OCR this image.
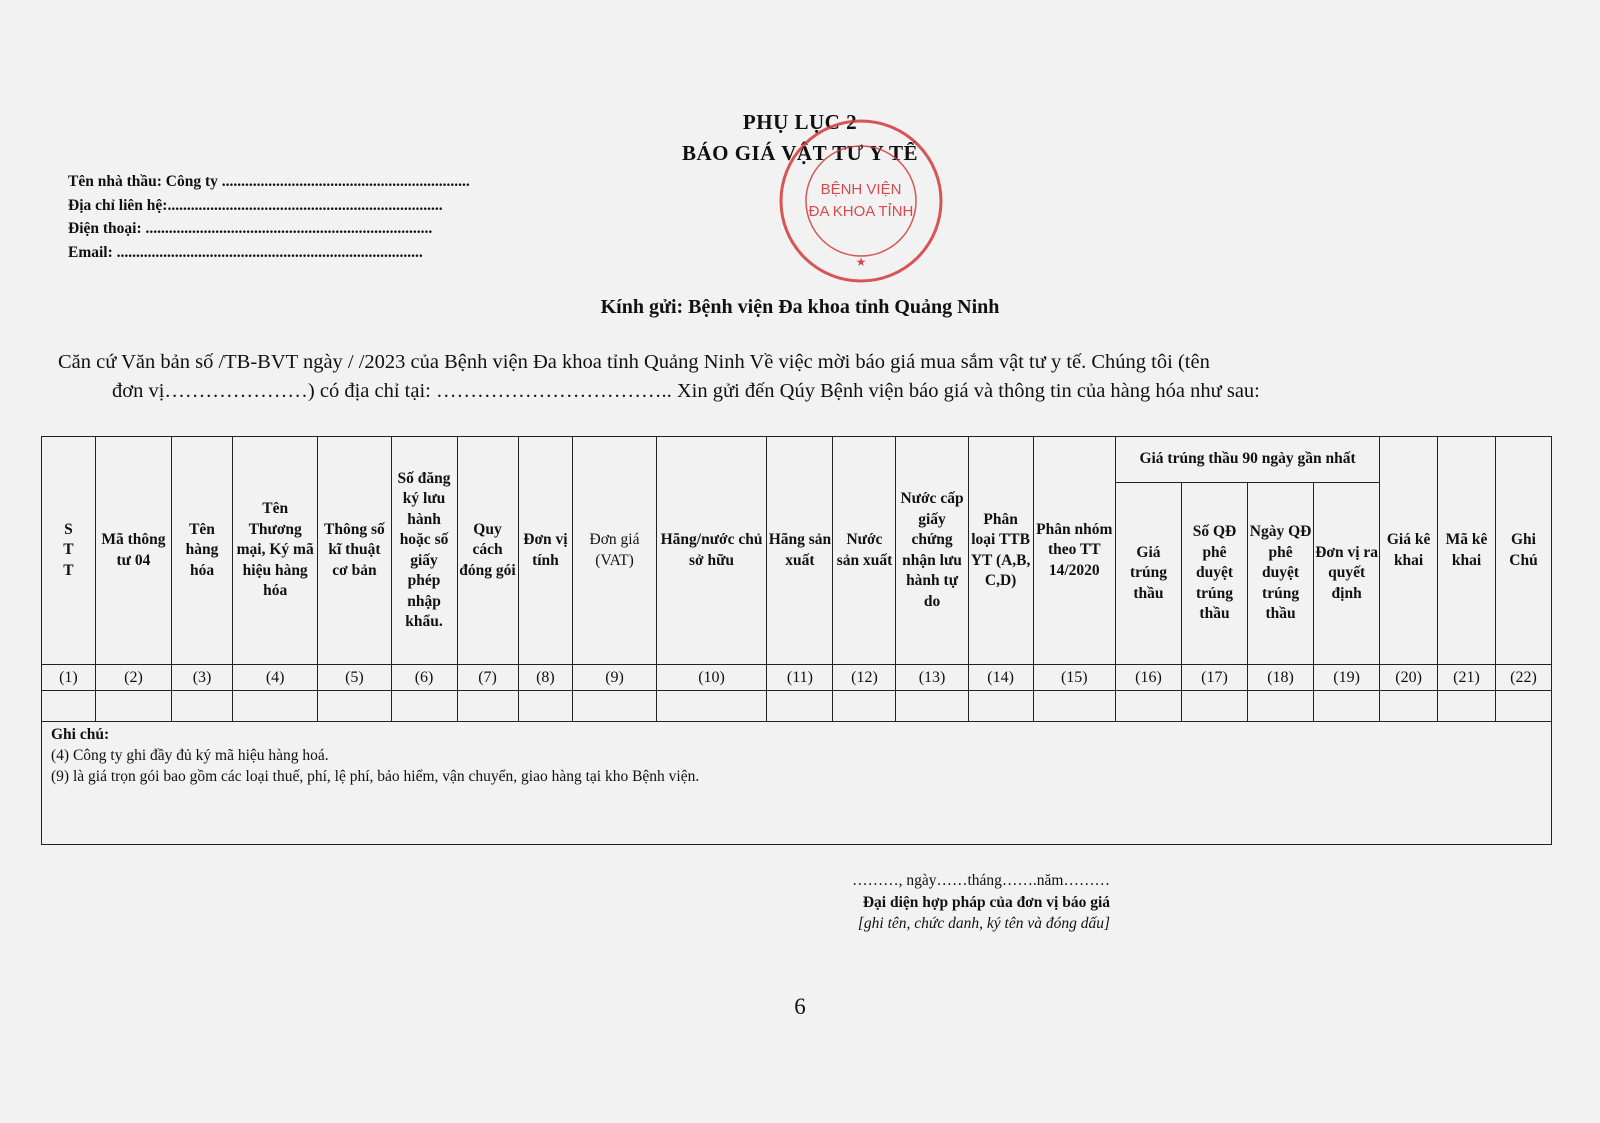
PHỤ LỤC 2
BÁO GIÁ VẬT TƯ Y TẾ
Tên nhà thầu: Công ty ................................................................
Địa chỉ liên hệ:.......................................................................
Điện thoại: ..........................................................................
Email: ...............................................................................
BỆNH VIỆN
ĐA KHOA TỈNH
★
Kính gửi: Bệnh viện Đa khoa tỉnh Quảng Ninh
Căn cứ Văn bản số /TB-BVT ngày / /2023 của Bệnh viện Đa khoa tỉnh Quảng Ninh Về việc mời báo giá mua sắm vật tư y tế. Chúng tôi (tên
đơn vị…………………) có địa chỉ tại: …………………………….. Xin gửi đến Qúy Bệnh viện báo giá và thông tin của hàng hóa như sau:
S T T	Mã thông tư 04	Tên hàng hóa	Tên Thương mại, Ký mã hiệu hàng hóa	Thông số kĩ thuật cơ bản	Số đăng ký lưu hành hoặc số giấy phép nhập khẩu.	Quy cách đóng gói	Đơn vị tính	Đơn giá (VAT)	Hãng/nước chủ sở hữu	Hãng sản xuất	Nước sản xuất	Nước cấp giấy chứng nhận lưu hành tự do	Phân loại TTB YT (A,B, C,D)	Phân nhóm theo TT 14/2020	Giá trúng thầu 90 ngày gần nhất				Giá kê khai	Mã kê khai	Ghi Chú
															Giá trúng thầu	Số QĐ phê duyệt trúng thầu	Ngày QĐ phê duyệt trúng thầu	Đơn vị ra quyết định			
(1)	(2)	(3)	(4)	(5)	(6)	(7)	(8)	(9)	(10)	(11)	(12)	(13)	(14)	(15)	(16)	(17)	(18)	(19)	(20)	(21)	(22)

Ghi chú:
(4) Công ty ghi đầy đủ ký mã hiệu hàng hoá.
(9) là giá trọn gói bao gồm các loại thuế, phí, lệ phí, bảo hiểm, vận chuyển, giao hàng tại kho Bệnh viện.																					
………, ngày……tháng…….năm………
Đại diện hợp pháp của đơn vị báo giá
[ghi tên, chức danh, ký tên và đóng dấu]
6
